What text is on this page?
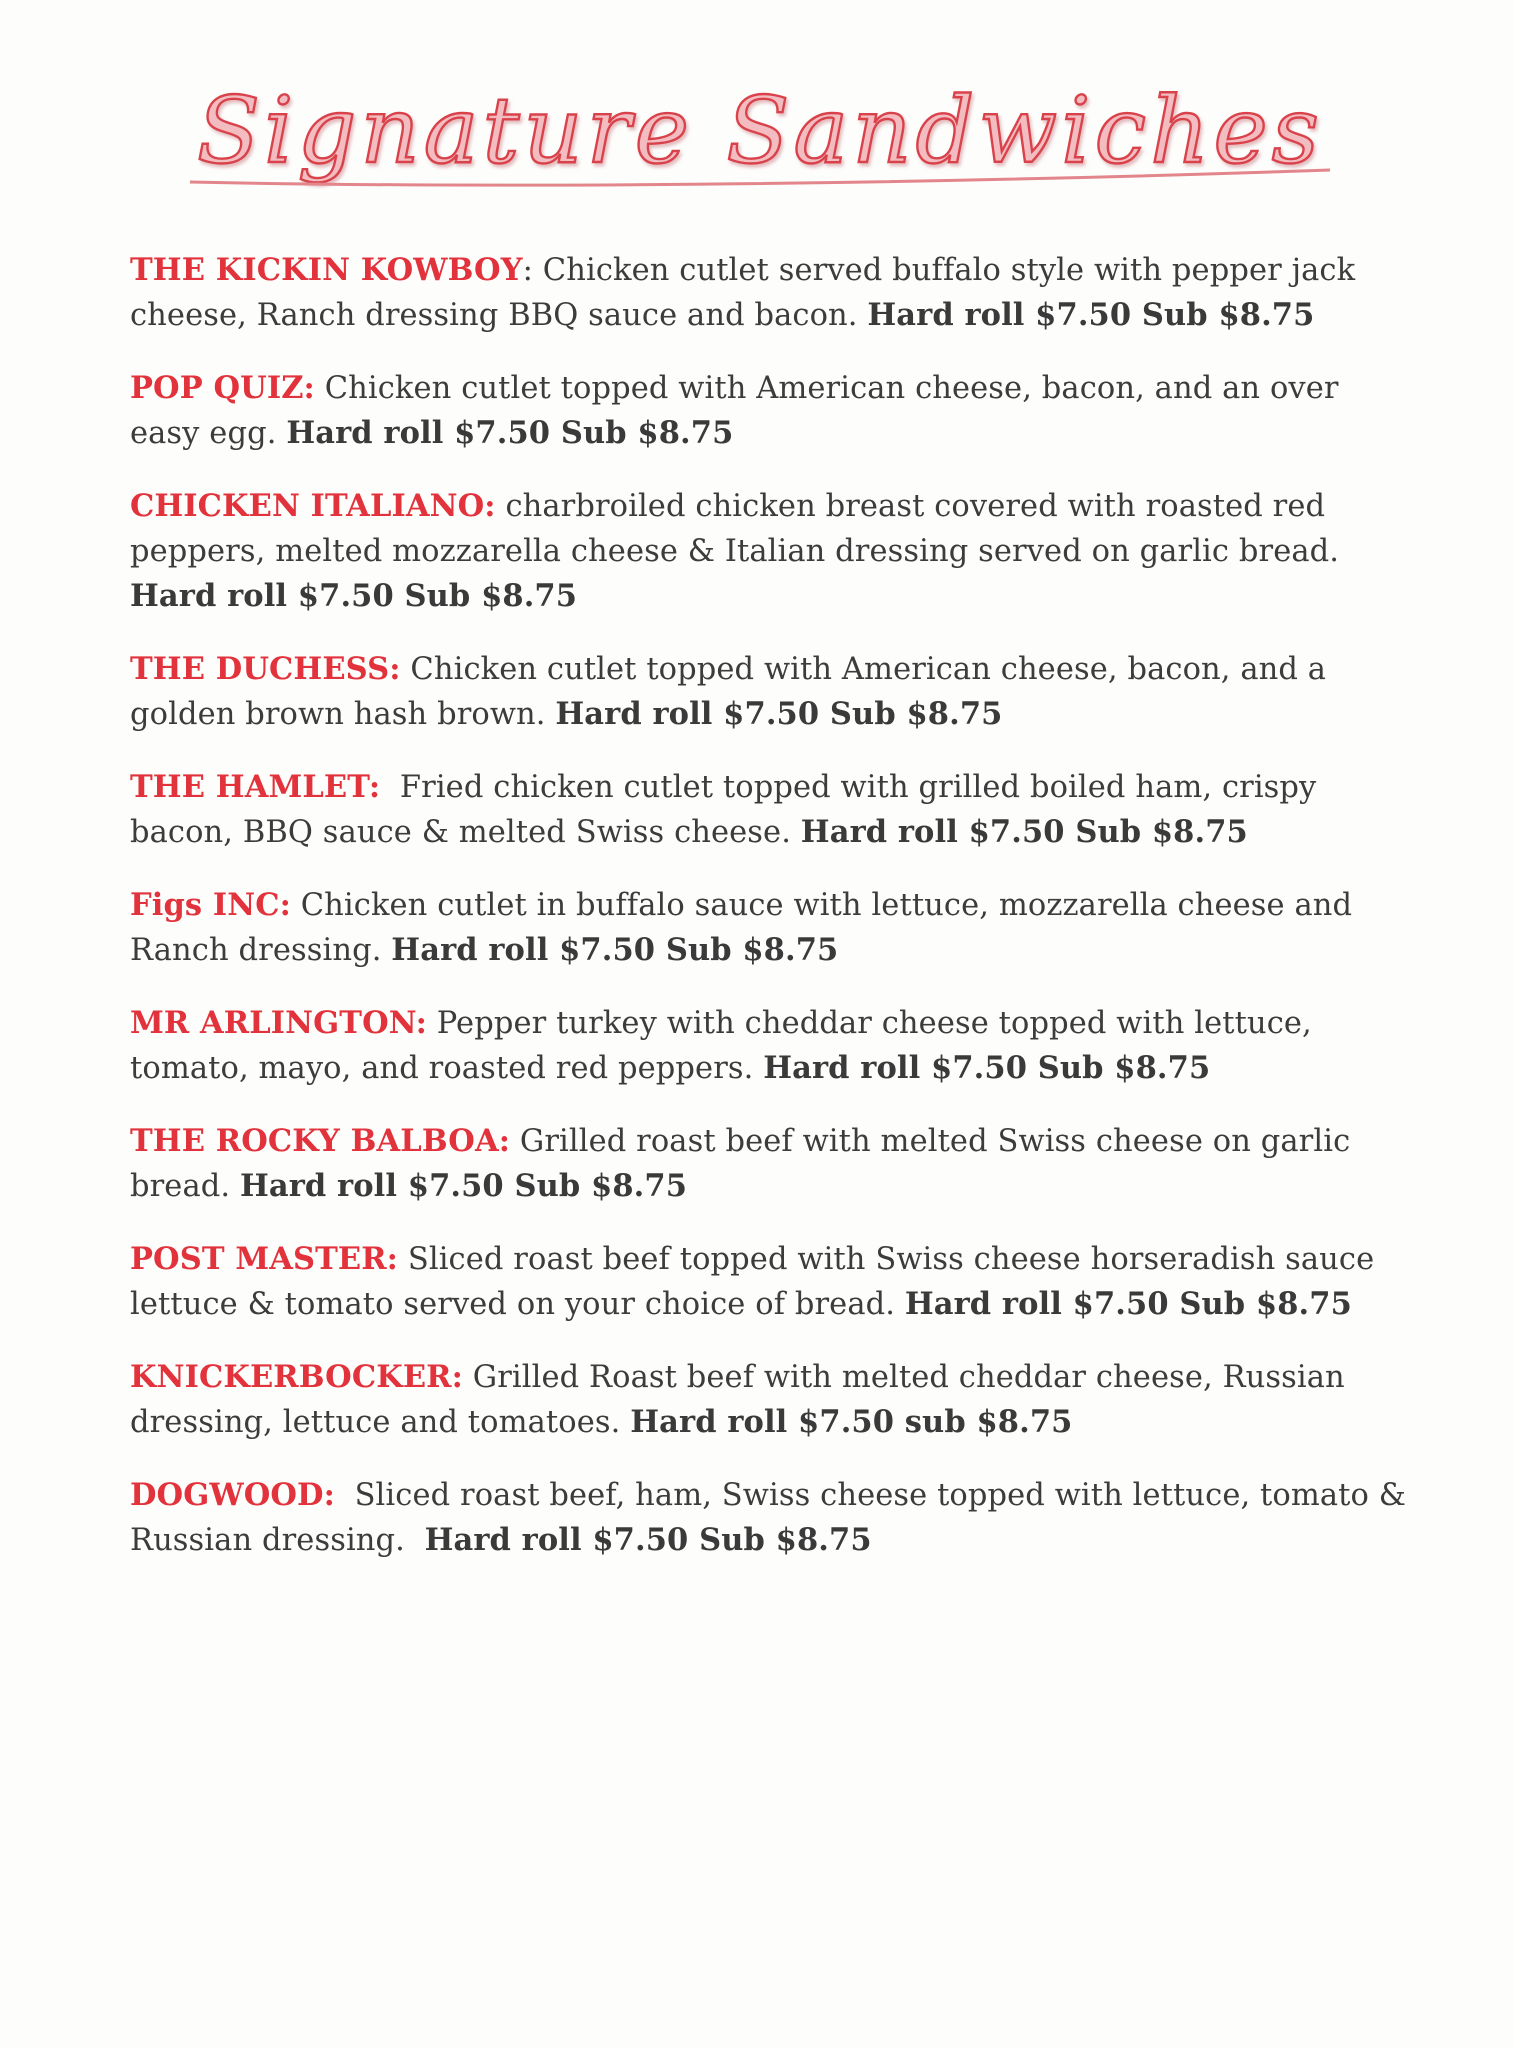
Signature Sandwiches

THE KICKIN KOWBOY: Chicken cutlet served buffalo style with pepper jack cheese, Ranch dressing BBQ sauce and bacon. Hard roll $7.50 Sub $8.75

POP QUIZ: Chicken cutlet topped with American cheese, bacon, and an over easy egg. Hard roll $7.50 Sub $8.75

CHICKEN ITALIANO: charbroiled chicken breast covered with roasted red peppers, melted mozzarella cheese & Italian dressing served on garlic bread. Hard roll $7.50 Sub $8.75

THE DUCHESS: Chicken cutlet topped with American cheese, bacon, and a golden brown hash brown. Hard roll $7.50 Sub $8.75

THE HAMLET: Fried chicken cutlet topped with grilled boiled ham, crispy bacon, BBQ sauce & melted Swiss cheese. Hard roll $7.50 Sub $8.75

Figs INC: Chicken cutlet in buffalo sauce with lettuce, mozzarella cheese and Ranch dressing. Hard roll $7.50 Sub $8.75

MR ARLINGTON: Pepper turkey with cheddar cheese topped with lettuce, tomato, mayo, and roasted red peppers. Hard roll $7.50 Sub $8.75

THE ROCKY BALBOA: Grilled roast beef with melted Swiss cheese on garlic bread. Hard roll $7.50 Sub $8.75

POST MASTER: Sliced roast beef topped with Swiss cheese horseradish sauce lettuce & tomato served on your choice of bread. Hard roll $7.50 Sub $8.75

KNICKERBOCKER: Grilled Roast beef with melted cheddar cheese, Russian dressing, lettuce and tomatoes. Hard roll $7.50 sub $8.75

DOGWOOD: Sliced roast beef, ham, Swiss cheese topped with lettuce, tomato & Russian dressing.  Hard roll $7.50 Sub $8.75
